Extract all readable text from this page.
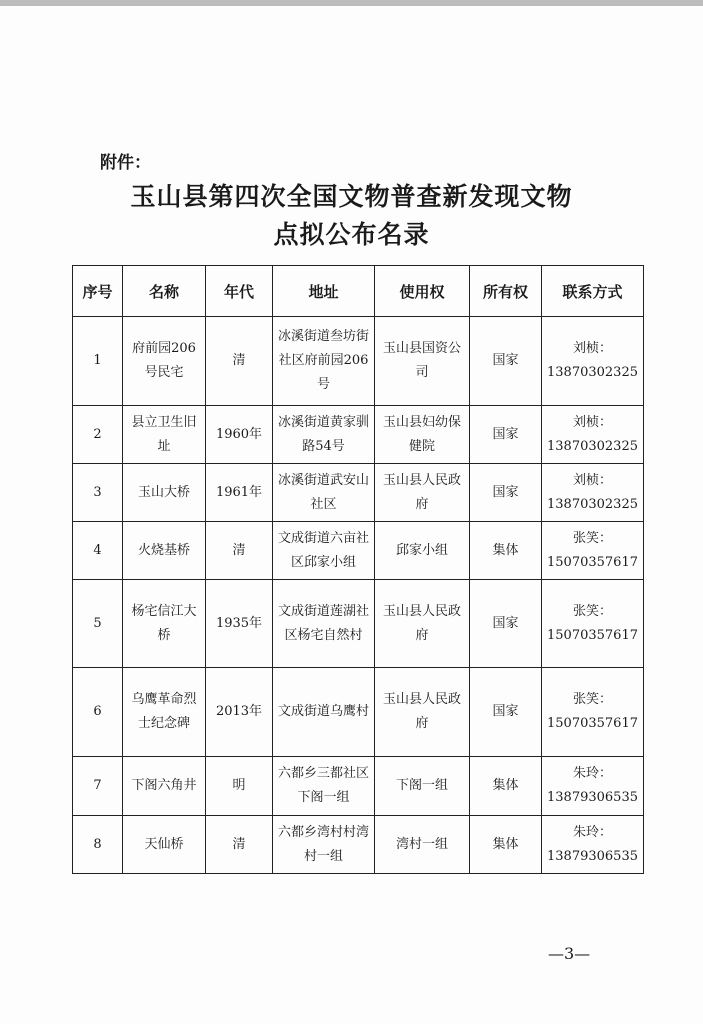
附件：
玉山县第四次全国文物普查新发现文物
点拟公布名录
序号	名称	年代	地址	使用权	所有权	联系方式
1	府前园206号民宅	清	冰溪街道叁坊街社区府前园206号	玉山县国资公司	国家	刘桢：
13870302325

2	县立卫生旧址	1960年	冰溪街道黄家驯路54号	玉山县妇幼保健院	国家	刘桢：
13870302325

3	玉山大桥	1961年	冰溪街道武安山社区	玉山县人民政府	国家	刘桢：
13870302325

4	火烧基桥	清	文成街道六亩社区邱家小组	邱家小组	集体	张笑：
15070357617

5	杨宅信江大桥	1935年	文成街道莲湖社区杨宅自然村	玉山县人民政府	国家	张笑：
15070357617

6	乌鹰革命烈士纪念碑	2013年	文成街道乌鹰村	玉山县人民政府	国家	张笑：
15070357617

7	下阁六角井	明	六都乡三都社区下阁一组	下阁一组	集体	朱玲：
13879306535

8	天仙桥	清	六都乡湾村村湾村一组	湾村一组	集体	朱玲：
13879306535
—3—
